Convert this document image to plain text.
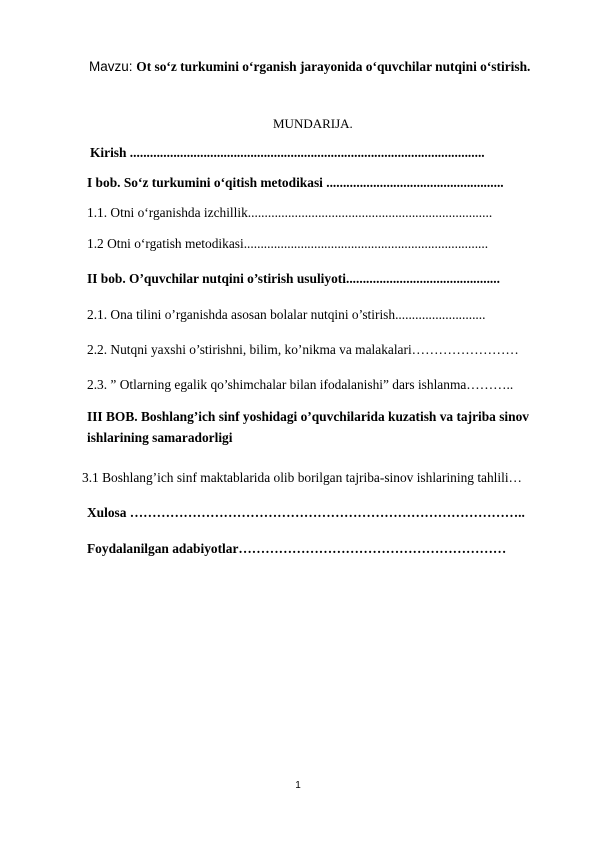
Mavzu: Ot so‘z turkumini o‘rganish jarayonida o‘quvchilar nutqini o‘stirish.
MUNDARIJA.
Kirish ..........................................................................................................
I bob. So‘z turkumini o‘qitish metodikasi .....................................................
1.1. Otni o‘rganishda izchillik.........................................................................
1.2 Otni o‘rgatish metodikasi.........................................................................
II bob. O’quvchilar nutqini o’stirish usuliyoti..............................................
2.1. Ona tilini o’rganishda asosan bolalar nutqini o’stirish...........................
2.2. Nutqni yaxshi o’stirishni, bilim, ko’nikma va malakalari……………………
2.3. ” Otlarning egalik qo’shimchalar bilan ifodalanishi” dars ishlanma………..
III BOB. Boshlang’ich sinf yoshidagi o’quvchilarida kuzatish va tajriba sinov ishlarining samaradorligi
3.1 Boshlang’ich sinf maktablarida olib borilgan tajriba-sinov ishlarining tahlili…
Xulosa ……………………………………………………………………………..
Foydalanilgan adabiyotlar……………………………………………………
1
